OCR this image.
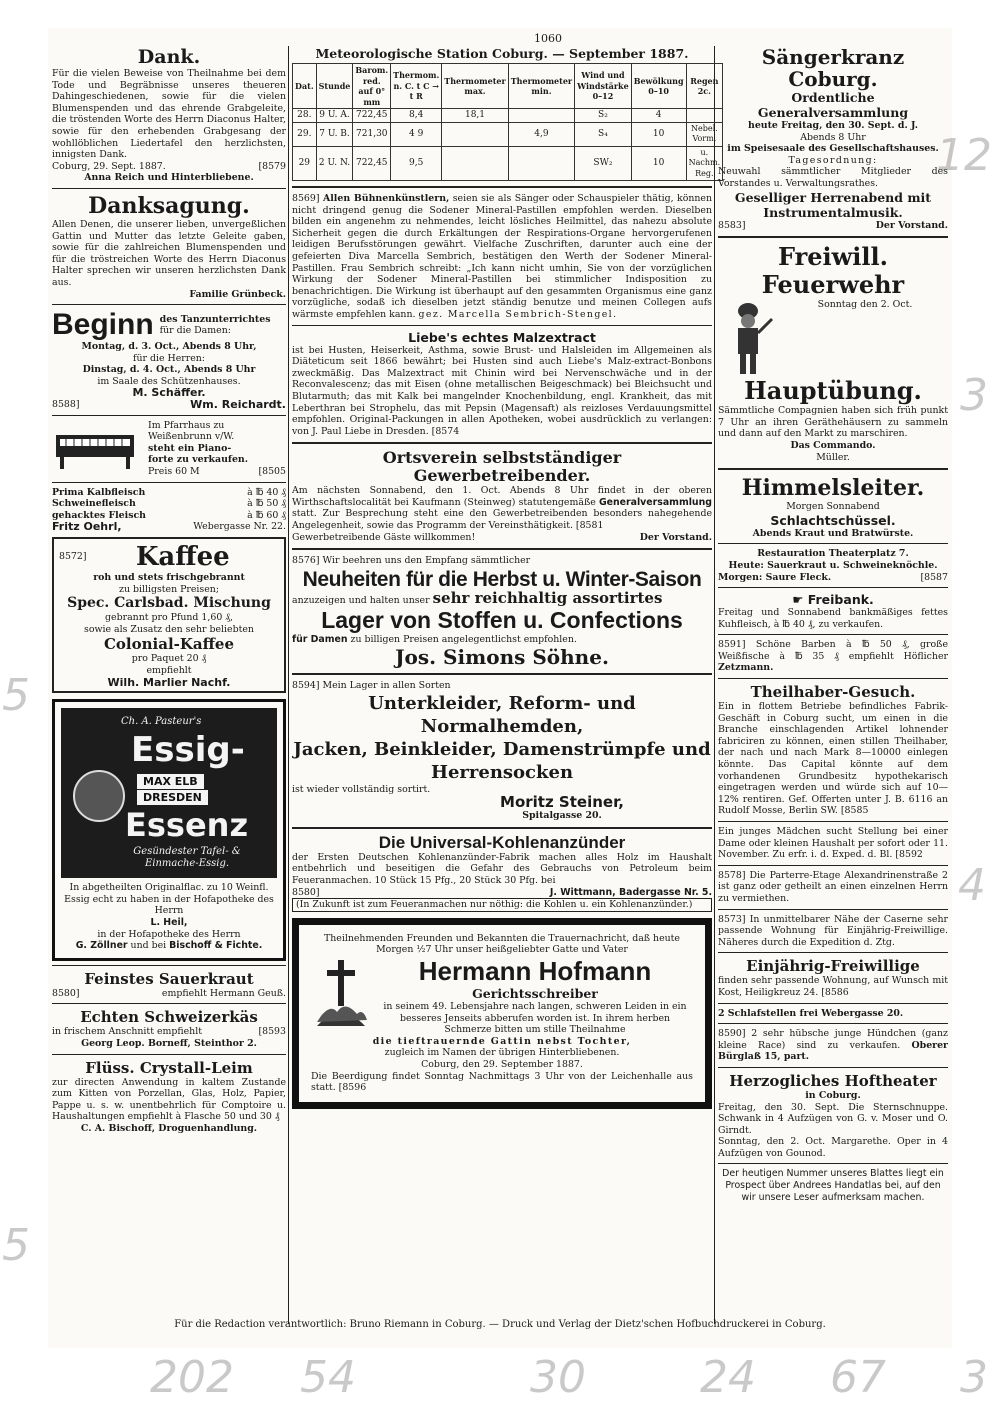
1060

Dank.

Für die vielen Beweise von Theilnahme bei dem Tode und Begräbnisse unseres theueren Dahingeschiedenen, sowie für die vielen Blumenspenden und das ehrende Grabgeleite, die tröstenden Worte des Herrn Diaconus Halter, sowie für den erhebenden Grabgesang der wohllöblichen Liedertafel den herzlichsten, innigsten Dank.

Coburg, 29. Sept. 1887.	[8579

Anna Reich und Hinterbliebene.

Danksagung.

Allen Denen, die unserer lieben, unvergeßlichen Gattin und Mutter das letzte Geleite gaben, sowie für die zahlreichen Blumenspenden und für die tröstreichen Worte des Herrn Diaconus Halter sprechen wir unseren herzlichsten Dank aus.

Familie Grünbeck.

Beginn des Tanzunterrichtes
für die Damen:

Montag, d. 3. Oct., Abends 8 Uhr,

für die Herren:

Dinstag, d. 4. Oct., Abends 8 Uhr

im Saale des Schützenhauses.

M. Schäffer.

8588]	Wm. Reichardt.

Im Pfarrhaus zu

Weißenbrunn v/W.

steht ein Piano-

forte zu verkaufen.

Preis 60 M	[8505
Prima Kalbfleisch	à ℔ 40 ₰
Schweinefleisch	à ℔ 50 ₰
gehacktes Fleisch	à ℔ 60 ₰
Fritz Oehrl,	Webergasse Nr. 22.
8572]	Kaffee

roh und stets frischgebrannt

zu billigsten Preisen;

Spec. Carlsbad. Mischung

gebrannt pro Pfund 1,60 ₰,

sowie als Zusatz den sehr beliebten

Colonial-Kaffee

pro Paquet 20 ₰

empfiehlt

Wilh. Marlier Nachf.

Ch. A. Pasteur's
Essig-
MAX ELB
DRESDEN
Essenz
Gesündester Tafel- & Einmache-Essig.

In abgetheilten Originalflac. zu 10 Weinfl. Essig echt zu haben in der Hofapotheke des Herrn

L. Heil,

in der Hofapotheke des Herrn

G. Zöllner und bei Bischoff & Fichte.

Feinstes Sauerkraut

8580]	empfiehlt Hermann Geuß.

Echten Schweizerkäs

in frischem Anschnitt empfiehlt	[8593

Georg Leop. Borneff, Steinthor 2.

Flüss. Crystall-Leim

zur directen Anwendung in kaltem Zustande zum Kitten von Porzellan, Glas, Holz, Papier, Pappe u. s. w. unentbehrlich für Comptoire u. Haushaltungen empfiehlt à Flasche 50 und 30 ₰

C. A. Bischoff, Droguenhandlung.

Meteorologische Station Coburg. — September 1887.

Dat.	Stunde	Barom. red. auf 0° mm	Thermom. n. C. t C → t R	Thermometer max.	Thermometer min.	Wind und Windstärke 0–12	Bewölkung 0–10	Regen 2c.
28.	9 U. A.	722,45	8,4	18,1		S₂	4	
29.	7 U. B.	721,30	4 9		4,9	S₄	10	Nebel. Vorm.
29	2 U. N.	722,45	9,5			SW₂	10	u. Nachm. Reg.

8569] Allen Bühnenkünstlern, seien sie als Sänger oder Schauspieler thätig, können nicht dringend genug die Sodener Mineral-Pastillen empfohlen werden. Dieselben bilden ein angenehm zu nehmendes, leicht lösliches Heilmittel, das nahezu absolute Sicherheit gegen die durch Erkältungen der Respirations-Organe hervorgerufenen leidigen Berufsstörungen gewährt. Vielfache Zuschriften, darunter auch eine der gefeierten Diva Marcella Sembrich, bestätigen den Werth der Sodener Mineral-Pastillen. Frau Sembrich schreibt: „Ich kann nicht umhin, Sie von der vorzüglichen Wirkung der Sodener Mineral-Pastillen bei stimmlicher Indisposition zu benachrichtigen. Die Wirkung ist überhaupt auf den gesammten Organismus eine ganz vorzügliche, sodaß ich dieselben jetzt ständig benutze und meinen Collegen aufs wärmste empfehlen kann. gez. Marcella Sembrich-Stengel.

Liebe's echtes Malzextract

ist bei Husten, Heiserkeit, Asthma, sowie Brust- und Halsleiden im Allgemeinen als Diäteticum seit 1866 bewährt; bei Husten sind auch Liebe's Malz-extract-Bonbons zweckmäßig. Das Malzextract mit Chinin wird bei Nervenschwäche und in der Reconvalescenz; das mit Eisen (ohne metallischen Beigeschmack) bei Bleichsucht und Blutarmuth; das mit Kalk bei mangelnder Knochenbildung, engl. Krankheit, das mit Leberthran bei Strophelu, das mit Pepsin (Magensaft) als reizloses Verdauungsmittel empfohlen. Original-Packungen in allen Apotheken, wobei ausdrücklich zu verlangen: von J. Paul Liebe in Dresden. [8574

Ortsverein selbstständiger Gewerbetreibender.

Am nächsten Sonnabend, den 1. Oct. Abends 8 Uhr findet in der oberen Wirthschaftslocalität bei Kaufmann (Steinweg) statutengemäße Generalversammlung statt. Zur Besprechung steht eine den Gewerbetreibenden besonders nahegehende Angelegenheit, sowie das Programm der Vereinsthätigkeit. [8581

Gewerbetreibende Gäste willkommen!	Der Vorstand.

8576] Wir beehren uns den Empfang sämmtlicher

Neuheiten für die Herbst u. Winter-Saison

anzuzeigen und halten unser sehr reichhaltig assortirtes

Lager von Stoffen u. Confections

für Damen zu billigen Preisen angelegentlichst empfohlen.

Jos. Simons Söhne.

8594] Mein Lager in allen Sorten

Unterkleider, Reform- und Normalhemden,

Jacken, Beinkleider, Damenstrümpfe und

Herrensocken

ist wieder vollständig sortirt.

Moritz Steiner,

Spitalgasse 20.

Die Universal-Kohlenanzünder

der Ersten Deutschen Kohlenanzünder-Fabrik machen alles Holz im Haushalt entbehrlich und beseitigen die Gefahr des Gebrauchs von Petroleum beim Feueranmachen. 10 Stück 15 Pfg., 20 Stück 30 Pfg. bei

8580]	J. Wittmann, Badergasse Nr. 5.

(In Zukunft ist zum Feueranmachen nur nöthig: die Kohlen u. ein Kohlenanzünder.)

Theilnehmenden Freunden und Bekannten die Trauernachricht, daß heute Morgen ½7 Uhr unser heißgeliebter Gatte und Vater

Hermann Hofmann

Gerichtsschreiber

in seinem 49. Lebensjahre nach langen, schweren Leiden in ein besseres Jenseits abberufen worden ist. In ihrem herben Schmerze bitten um stille Theilnahme

die tieftrauernde Gattin nebst Tochter,

zugleich im Namen der übrigen Hinterbliebenen.

Coburg, den 29. September 1887.

Die Beerdigung findet Sonntag Nachmittags 3 Uhr von der Leichenhalle aus statt. [8596

Sängerkranz Coburg.

Ordentliche Generalversammlung

heute Freitag, den 30. Sept. d. J.

Abends 8 Uhr

im Speisesaale des Gesellschaftshauses.

Tagesordnung:

Neuwahl sämmtlicher Mitglieder des Vorstandes u. Verwaltungsrathes.

Geselliger Herrenabend mit Instrumentalmusik.

8583]	Der Vorstand.

Freiwill. Feuerwehr

Sonntag den 2. Oct.

Hauptübung.

Sämmtliche Compagnien haben sich früh punkt 7 Uhr an ihren Geräthehäusern zu sammeln und dann auf den Markt zu marschiren.

Das Commando.

Müller.

Himmelsleiter.

Morgen Sonnabend

Schlachtschüssel.

Abends Kraut und Bratwürste.

Restauration Theaterplatz 7.

Heute: Sauerkraut u. Schweineknöchle.

Morgen: Saure Fleck.	[8587

☛ Freibank.

Freitag und Sonnabend bankmäßiges fettes Kuhfleisch, à ℔ 40 ₰, zu verkaufen.

8591] Schöne Barben à ℔ 50 ₰, große Weißfische à ℔ 35 ₰ empfiehlt Höflicher Zetzmann.

Theilhaber-Gesuch.

Ein in flottem Betriebe befindliches Fabrik-Geschäft in Coburg sucht, um einen in die Branche einschlagenden Artikel lohnender fabriciren zu können, einen stillen Theilhaber, der nach und nach Mark 8—10000 einlegen könnte. Das Capital könnte auf dem vorhandenen Grundbesitz hypothekarisch eingetragen werden und würde sich auf 10—12% rentiren. Gef. Offerten unter J. B. 6116 an Rudolf Mosse, Berlin SW. [8585

Ein junges Mädchen sucht Stellung bei einer Dame oder kleinen Haushalt per sofort oder 11. November. Zu erfr. i. d. Exped. d. Bl. [8592

8578] Die Parterre-Etage Alexandrinenstraße 2 ist ganz oder getheilt an einen einzelnen Herrn zu vermiethen.

8573] In unmittelbarer Nähe der Caserne sehr passende Wohnung für Einjährig-Freiwillige. Näheres durch die Expedition d. Ztg.

Einjährig-Freiwillige

finden sehr passende Wohnung, auf Wunsch mit Kost, Heiligkreuz 24. [8586

2 Schlafstellen frei Webergasse 20.

8590] 2 sehr hübsche junge Hündchen (ganz kleine Race) sind zu verkaufen. Oberer Bürglaß 15, part.

Herzogliches Hoftheater

in Coburg.

Freitag, den 30. Sept. Die Sternschnuppe. Schwank in 4 Aufzügen von G. v. Moser und O. Girndt.

Sonntag, den 2. Oct. Margarethe. Oper in 4 Aufzügen von Gounod.

Der heutigen Nummer unseres Blattes liegt ein Prospect über Andrees Handatlas bei, auf den wir unsere Leser aufmerksam machen.

Für die Redaction verantwortlich: Bruno Riemann in Coburg. — Druck und Verlag der Dietz'schen Hofbuchdruckerei in Coburg.
5
5
12
3
4
202 54	30	24 67 3
